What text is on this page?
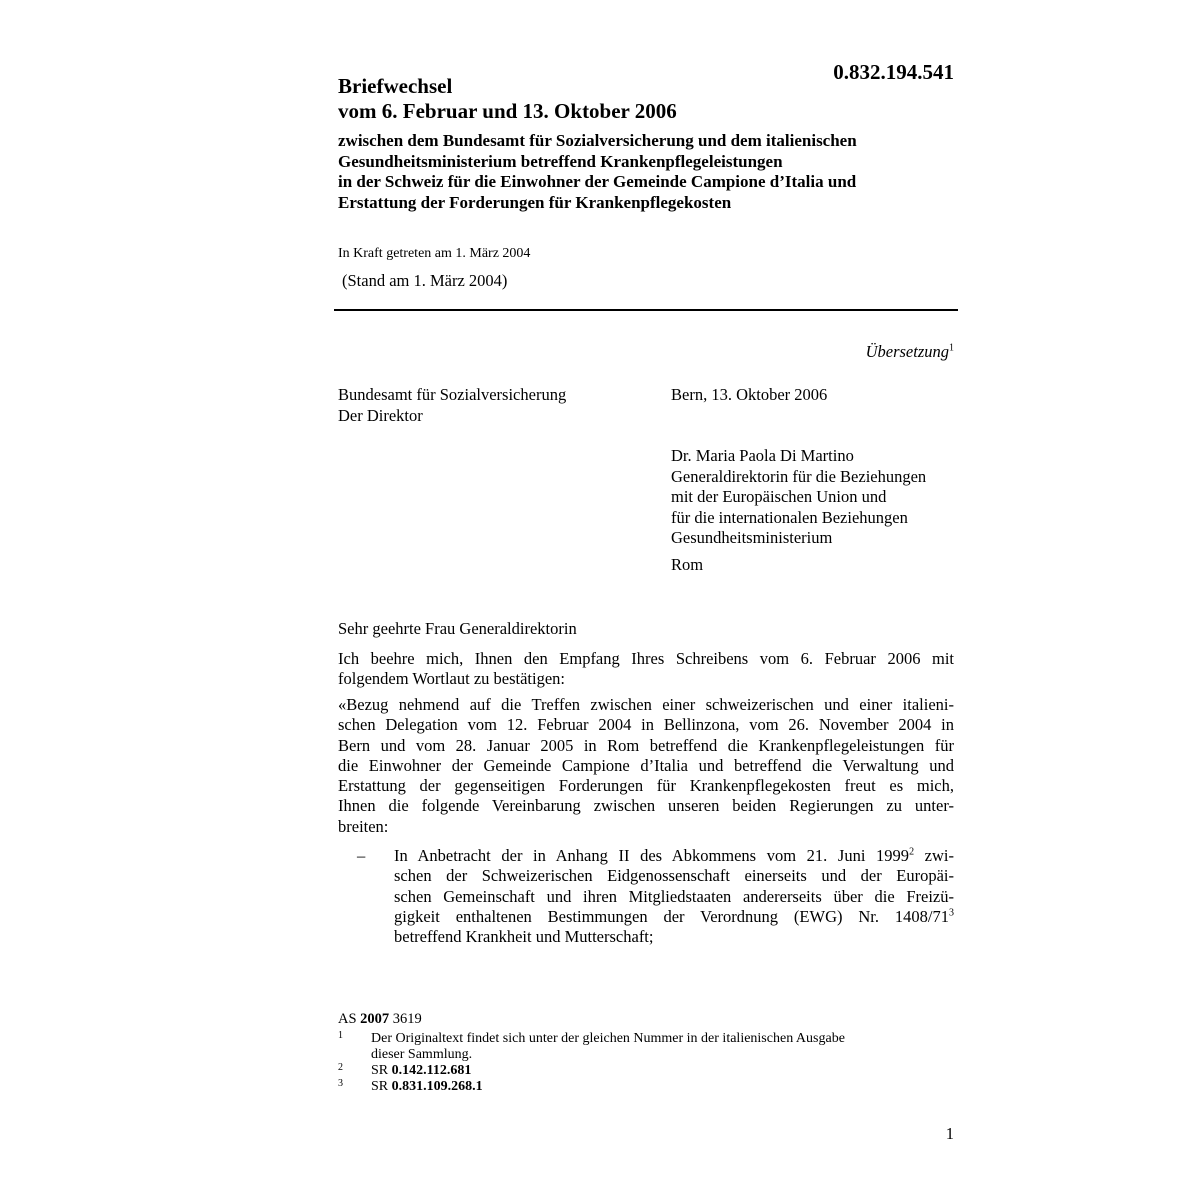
0.832.194.541
Briefwechsel
vom 6. Februar und 13. Oktober 2006
zwischen dem Bundesamt für Sozialversicherung und dem italienischen
Gesundheitsministerium betreffend Krankenpflegeleistungen
in der Schweiz für die Einwohner der Gemeinde Campione d’Italia und
Erstattung der Forderungen für Krankenpflegekosten
In Kraft getreten am 1. März 2004
(Stand am 1. März 2004)
Übersetzung$^1$
Bundesamt für Sozialversicherung
Der Direktor
Bern, 13. Oktober 2006
Dr. Maria Paola Di Martino
Generaldirektorin für die Beziehungen
mit der Europäischen Union und
für die internationalen Beziehungen
Gesundheitsministerium
Rom
Sehr geehrte Frau Generaldirektorin
Ich beehre mich, Ihnen den Empfang Ihres Schreibens vom 6. Februar 2006 mit
folgendem Wortlaut zu bestätigen:
«Bezug nehmend auf die Treffen zwischen einer schweizerischen und einer italieni-
schen Delegation vom 12. Februar 2004 in Bellinzona, vom 26. November 2004 in
Bern und vom 28. Januar 2005 in Rom betreffend die Krankenpflegeleistungen für
die Einwohner der Gemeinde Campione d’Italia und betreffend die Verwaltung und
Erstattung der gegenseitigen Forderungen für Krankenpflegekosten freut es mich,
Ihnen die folgende Vereinbarung zwischen unseren beiden Regierungen zu unter-
breiten:
– In Anbetracht der in Anhang II des Abkommens vom 21. Juni 1999$^2$ zwi-
schen der Schweizerischen Eidgenossenschaft einerseits und der Europäi-
schen Gemeinschaft und ihren Mitgliedstaaten andererseits über die Freizü-
gigkeit enthaltenen Bestimmungen der Verordnung (EWG) Nr. 1408/71$^3$
betreffend Krankheit und Mutterschaft;
AS 2007 3619
1 Der Originaltext findet sich unter der gleichen Nummer in der italienischen Ausgabe
dieser Sammlung.
2 SR 0.142.112.681
3 SR 0.831.109.268.1
1
